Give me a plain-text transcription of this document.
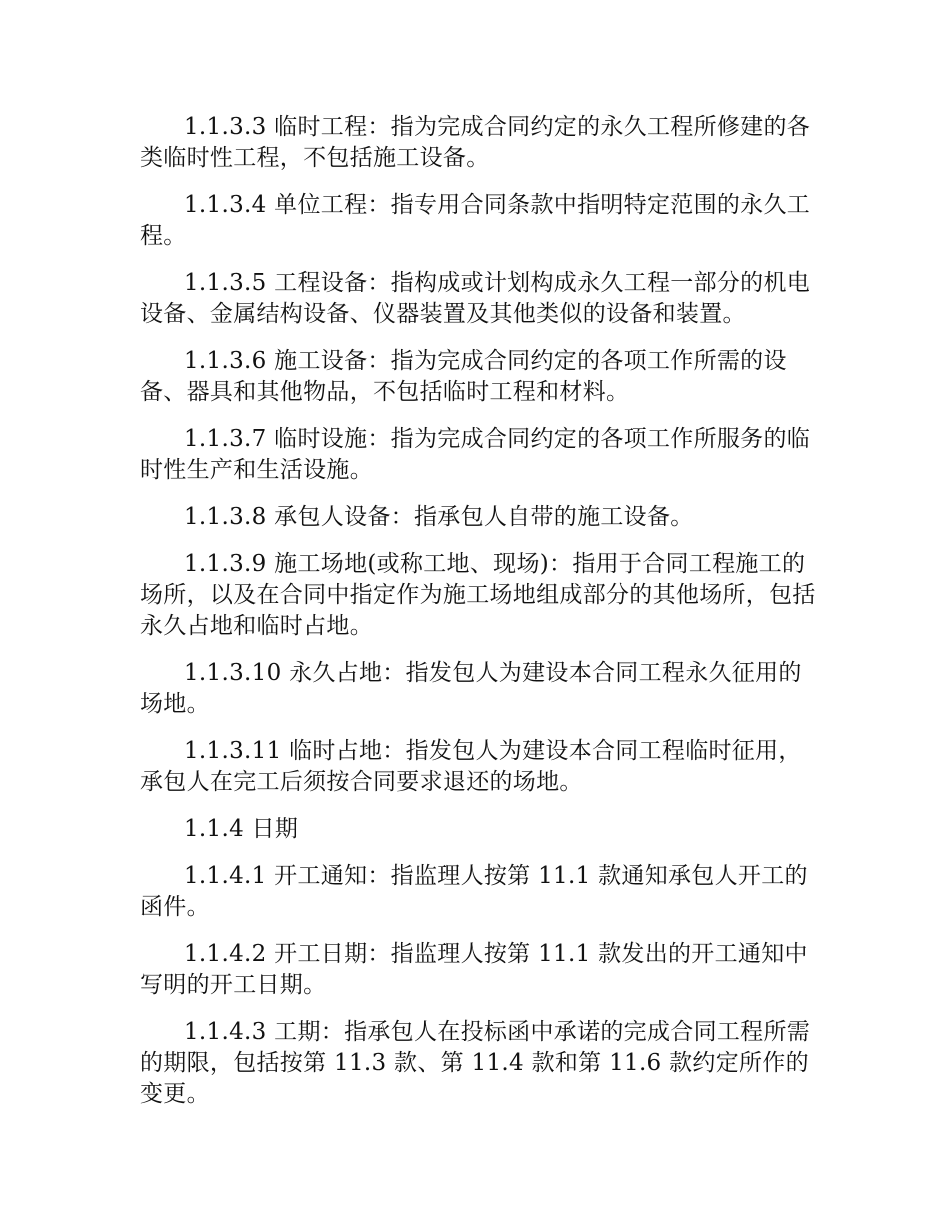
1.1.3.3 临时工程：指为完成合同约定的永久工程所修建的各类临时性工程，不包括施工设备。

1.1.3.4 单位工程：指专用合同条款中指明特定范围的永久工程。

1.1.3.5 工程设备：指构成或计划构成永久工程一部分的机电设备、金属结构设备、仪器装置及其他类似的设备和装置。

1.1.3.6 施工设备：指为完成合同约定的各项工作所需的设备、器具和其他物品，不包括临时工程和材料。

1.1.3.7 临时设施：指为完成合同约定的各项工作所服务的临时性生产和生活设施。

1.1.3.8 承包人设备：指承包人自带的施工设备。

1.1.3.9 施工场地(或称工地、现场)：指用于合同工程施工的场所，以及在合同中指定作为施工场地组成部分的其他场所，包括永久占地和临时占地。

1.1.3.10 永久占地：指发包人为建设本合同工程永久征用的场地。

1.1.3.11 临时占地：指发包人为建设本合同工程临时征用，承包人在完工后须按合同要求退还的场地。

1.1.4 日期

1.1.4.1 开工通知：指监理人按第 11.1 款通知承包人开工的函件。

1.1.4.2 开工日期：指监理人按第 11.1 款发出的开工通知中写明的开工日期。

1.1.4.3 工期：指承包人在投标函中承诺的完成合同工程所需的期限，包括按第 11.3 款、第 11.4 款和第 11.6 款约定所作的变更。
